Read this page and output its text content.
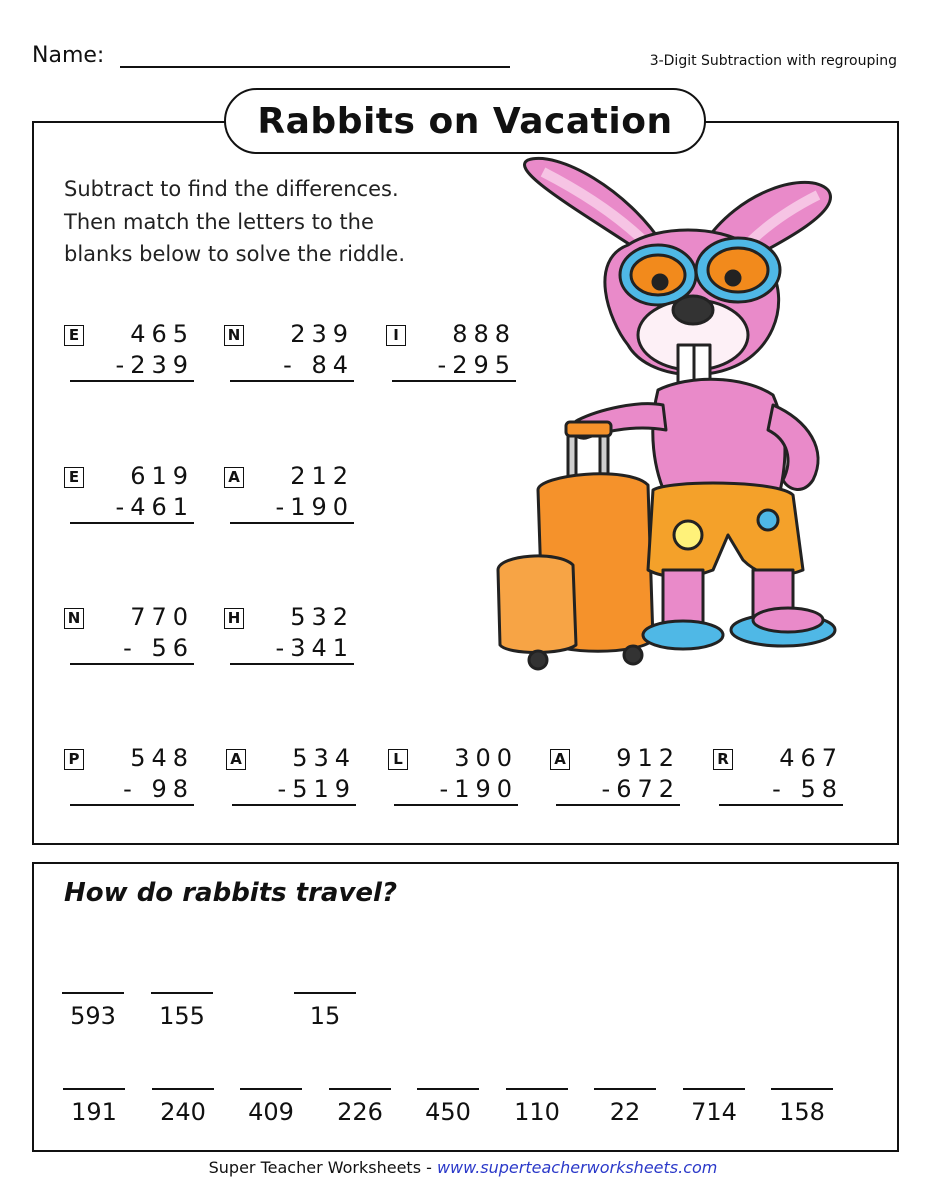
Name:	3-Digit Subtraction with regrouping
Rabbits on Vacation
Subtract to find the differences.
Then match the letters to the
blanks below to solve the riddle.
E	465
-239
N	239
- 84
I	888
-295
E	619
-461
A	212
-190
N	770
- 56
H	532
-341
P	548
- 98
A	534
-519
L	300
-190
A	912
-672
R	467
- 58
How do rabbits travel?
593	155	15
191	240	409	226	450	110	22	714	158
Super Teacher Worksheets - www.superteacherworksheets.com
